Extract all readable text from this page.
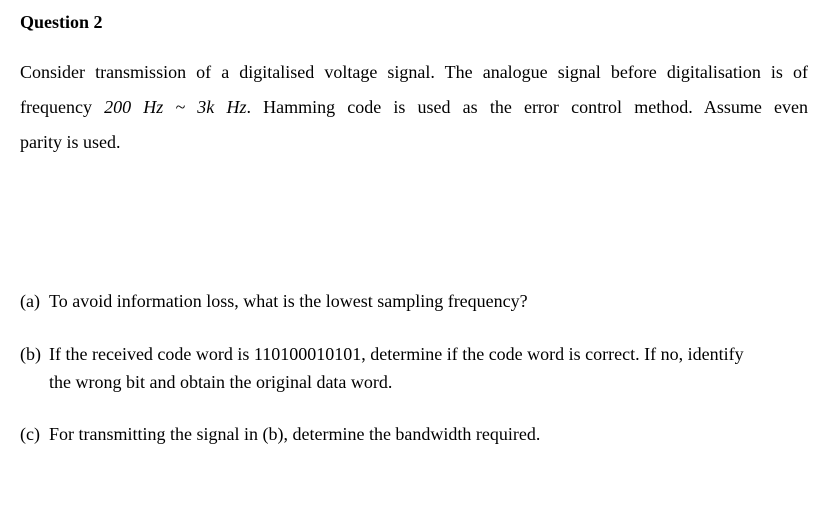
Question 2
Consider transmission of a digitalised voltage signal. The analogue signal before digitalisation is of
frequency 200 Hz ~ 3k Hz. Hamming code is used as the error control method. Assume even
parity is used.
(a) To avoid information loss, what is the lowest sampling frequency?
(b) If the received code word is 110100010101, determine if the code word is correct. If no, identify
the wrong bit and obtain the original data word.
(c) For transmitting the signal in (b), determine the bandwidth required.
